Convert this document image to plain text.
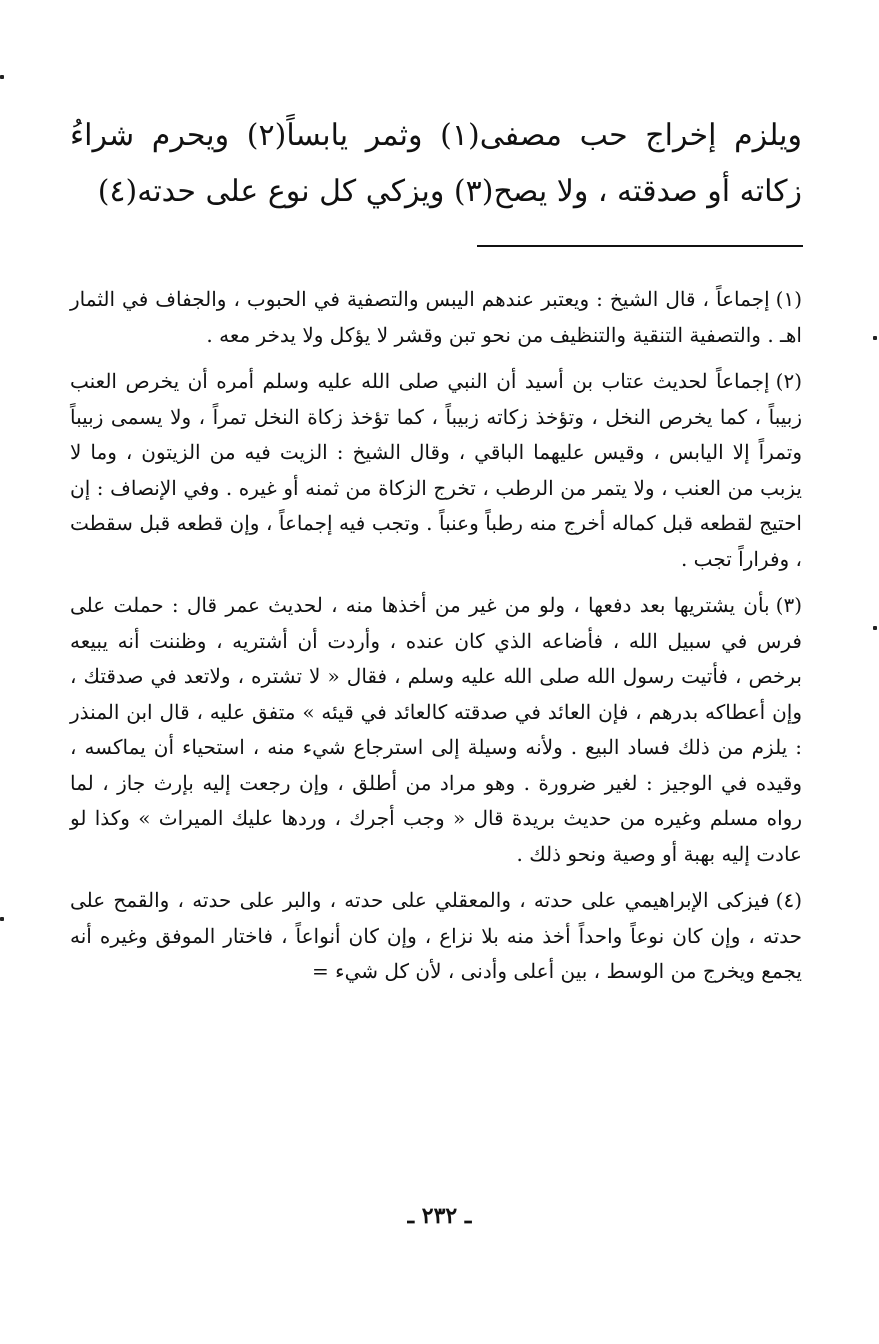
ويلزم إخراج حب مصفى(١) وثمر يابساً(٢) ويحرم شراءُ زكاته أو صدقته ، ولا يصح(٣) ويزكي كل نوع على حدته(٤)

(١)إجماعاً ، قال الشيخ : ويعتبر عندهم اليبس والتصفية في الحبوب ، والجفاف في الثمار اهـ . والتصفية التنقية والتنظيف من نحو تبن وقشر لا يؤكل ولا يدخر معه .

(٢)إجماعاً لحديث عتاب بن أسيد أن النبي صلى الله عليه وسلم أمره أن يخرص العنب زبيباً ، كما يخرص النخل ، وتؤخذ زكاته زبيباً ، كما تؤخذ زكاة النخل تمراً ، ولا يسمى زبيباً وتمراً إلا اليابس ، وقيس عليهما الباقي ، وقال الشيخ : الزيت فيه من الزيتون ، وما لا يزبب من العنب ، ولا يتمر من الرطب ، تخرج الزكاة من ثمنه أو غيره . وفي الإنصاف : إن احتيج لقطعه قبل كماله أخرج منه رطباً وعنباً . وتجب فيه إجماعاً ، وإن قطعه قبل سقطت ، وفراراً تجب .

(٣)بأن يشتريها بعد دفعها ، ولو من غير من أخذها منه ، لحديث عمر قال : حملت على فرس في سبيل الله ، فأضاعه الذي كان عنده ، وأردت أن أشتريه ، وظننت أنه يبيعه برخص ، فأتيت رسول الله صلى الله عليه وسلم ، فقال « لا تشتره ، ولاتعد في صدقتك ، وإن أعطاكه بدرهم ، فإن العائد في صدقته كالعائد في قيئه » متفق عليه ، قال ابن المنذر : يلزم من ذلك فساد البيع . ولأنه وسيلة إلى استرجاع شيء منه ، استحياء أن يماكسه ، وقيده في الوجيز : لغير ضرورة . وهو مراد من أطلق ، وإن رجعت إليه بإرث جاز ، لما رواه مسلم وغيره من حديث بريدة قال « وجب أجرك ، وردها عليك الميراث » وكذا لو عادت إليه بهبة أو وصية ونحو ذلك .

(٤)فيزكى الإبراهيمي على حدته ، والمعقلي على حدته ، والبر على حدته ، والقمح على حدته ، وإن كان نوعاً واحداً أخذ منه بلا نزاع ، وإن كان أنواعاً ، فاختار الموفق وغيره أنه يجمع ويخرج من الوسط ، بين أعلى وأدنى ، لأن كل شيء =

ـ ٢٣٢ ـ
